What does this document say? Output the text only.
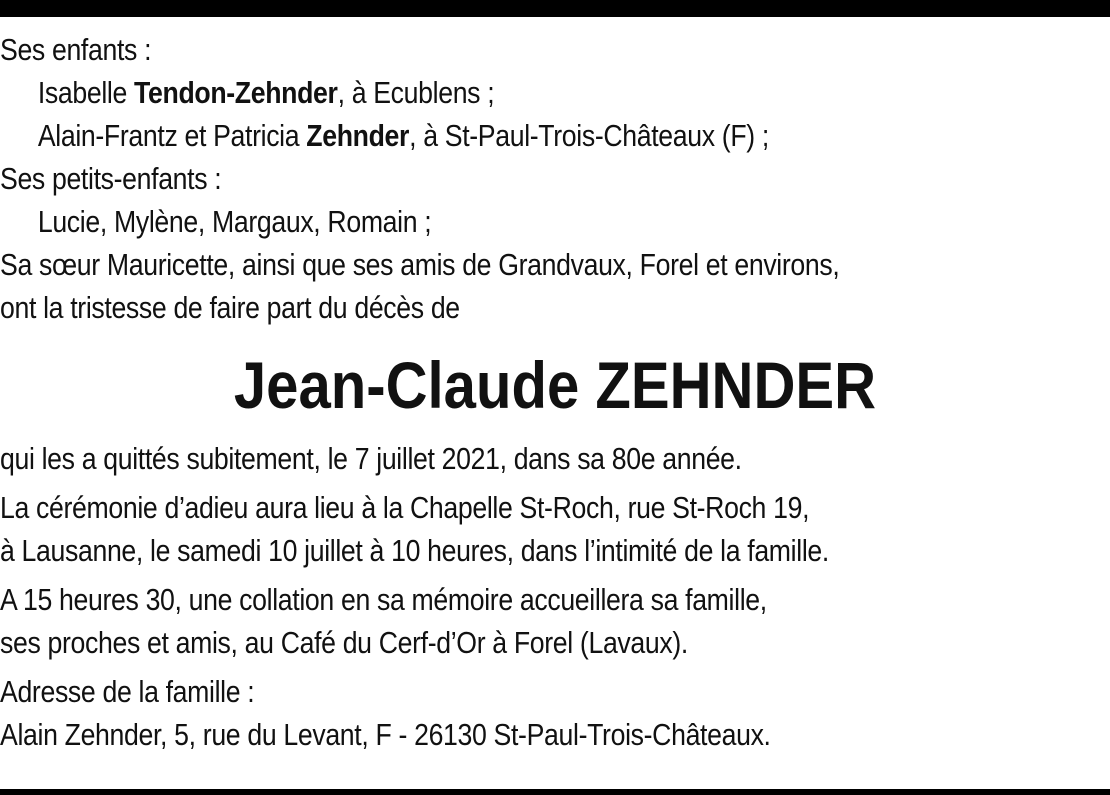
Ses enfants :
Isabelle Tendon-Zehnder, à Ecublens ;
Alain-Frantz et Patricia Zehnder, à St-Paul-Trois-Châteaux (F) ;
Ses petits-enfants :
Lucie, Mylène, Margaux, Romain ;
Sa sœur Mauricette, ainsi que ses amis de Grandvaux, Forel et environs,
ont la tristesse de faire part du décès de
Jean-Claude ZEHNDER
qui les a quittés subitement, le 7 juillet 2021, dans sa 80e année.
La cérémonie d’adieu aura lieu à la Chapelle St-Roch, rue St-Roch 19,
à Lausanne, le samedi 10 juillet à 10 heures, dans l’intimité de la famille.
A 15 heures 30, une collation en sa mémoire accueillera sa famille,
ses proches et amis, au Café du Cerf-d’Or à Forel (Lavaux).
Adresse de la famille :
Alain Zehnder, 5, rue du Levant, F - 26130 St-Paul-Trois-Châteaux.
